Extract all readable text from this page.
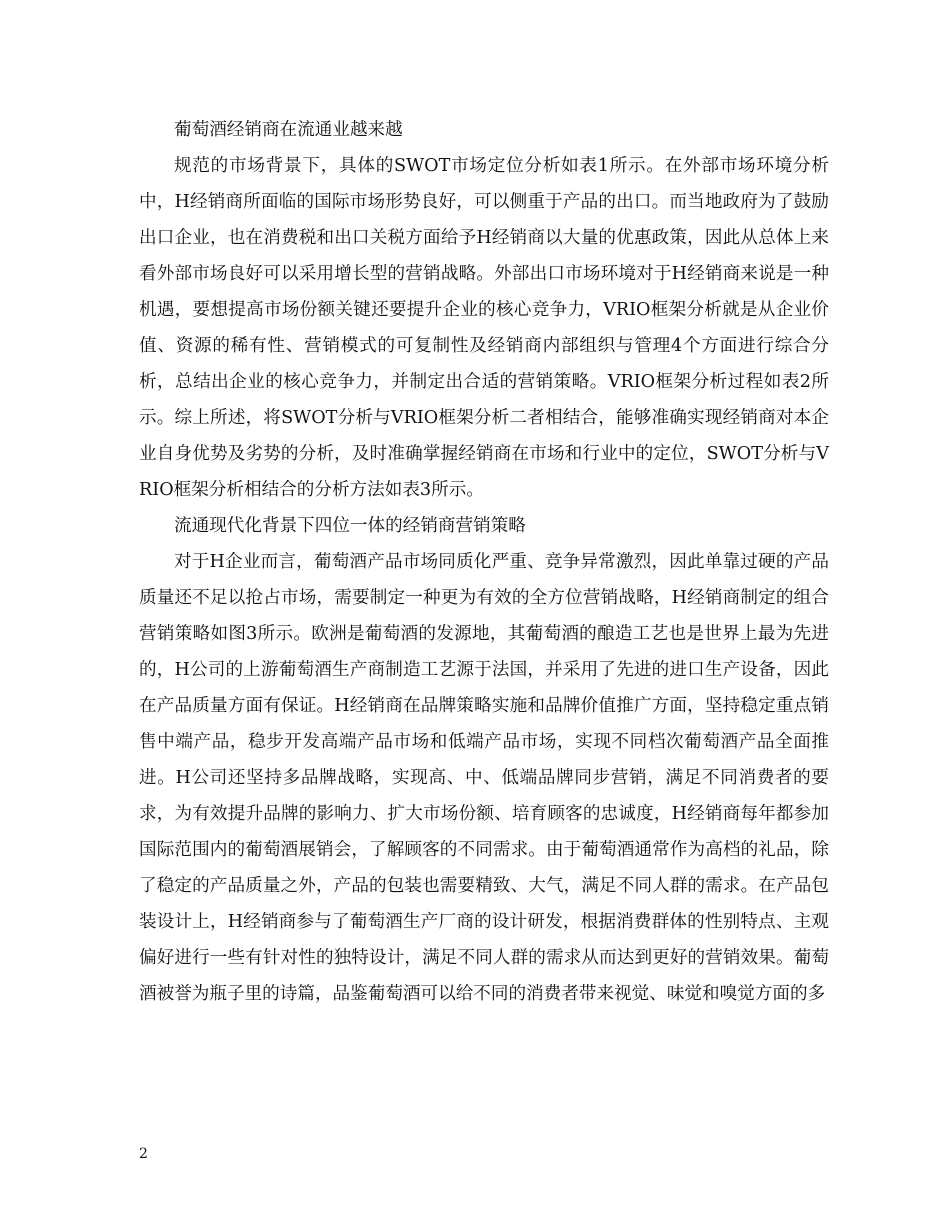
葡萄酒经销商在流通业越来越

规范的市场背景下，具体的SWOT市场定位分析如表1所示。在外部市场环境分析中，H经销商所面临的国际市场形势良好，可以侧重于产品的出口。而当地政府为了鼓励出口企业，也在消费税和出口关税方面给予H经销商以大量的优惠政策，因此从总体上来看外部市场良好可以采用增长型的营销战略。外部出口市场环境对于H经销商来说是一种机遇，要想提高市场份额关键还要提升企业的核心竞争力，VRIO框架分析就是从企业价值、资源的稀有性、营销模式的可复制性及经销商内部组织与管理4个方面进行综合分析，总结出企业的核心竞争力，并制定出合适的营销策略。VRIO框架分析过程如表2所示。综上所述，将SWOT分析与VRIO框架分析二者相结合，能够准确实现经销商对本企业自身优势及劣势的分析，及时准确掌握经销商在市场和行业中的定位，SWOT分析与VRIO框架分析相结合的分析方法如表3所示。

流通现代化背景下四位一体的经销商营销策略

对于H企业而言，葡萄酒产品市场同质化严重、竞争异常激烈，因此单靠过硬的产品质量还不足以抢占市场，需要制定一种更为有效的全方位营销战略，H经销商制定的组合营销策略如图3所示。欧洲是葡萄酒的发源地，其葡萄酒的酿造工艺也是世界上最为先进的，H公司的上游葡萄酒生产商制造工艺源于法国，并采用了先进的进口生产设备，因此在产品质量方面有保证。H经销商在品牌策略实施和品牌价值推广方面，坚持稳定重点销售中端产品，稳步开发高端产品市场和低端产品市场，实现不同档次葡萄酒产品全面推进。H公司还坚持多品牌战略，实现高、中、低端品牌同步营销，满足不同消费者的要求，为有效提升品牌的影响力、扩大市场份额、培育顾客的忠诚度，H经销商每年都参加国际范围内的葡萄酒展销会，了解顾客的不同需求。由于葡萄酒通常作为高档的礼品，除了稳定的产品质量之外，产品的包装也需要精致、大气，满足不同人群的需求。在产品包装设计上，H经销商参与了葡萄酒生产厂商的设计研发，根据消费群体的性别特点、主观偏好进行一些有针对性的独特设计，满足不同人群的需求从而达到更好的营销效果。葡萄酒被誉为瓶子里的诗篇，品鉴葡萄酒可以给不同的消费者带来视觉、味觉和嗅觉方面的多

2
